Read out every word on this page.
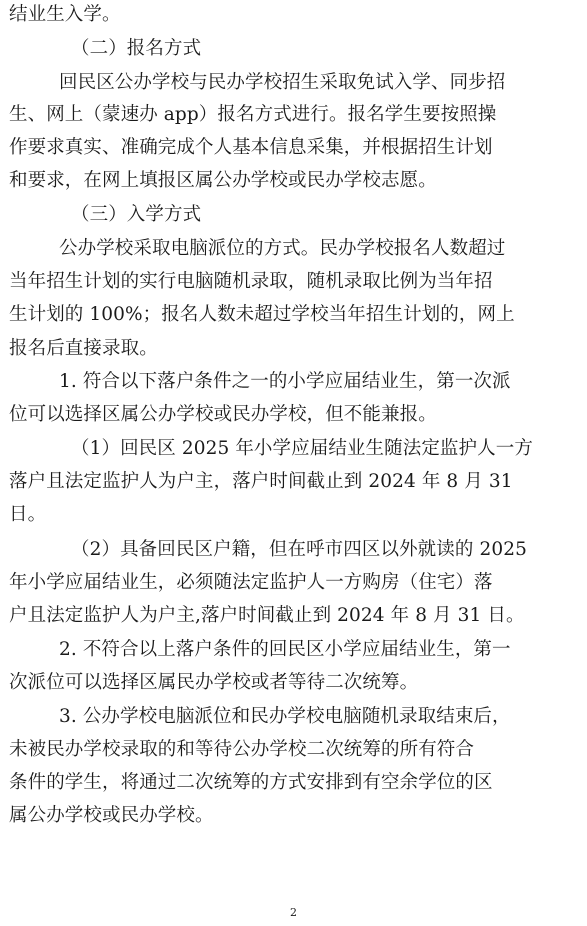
结业生入学。
（二）报名方式
回民区公办学校与民办学校招生采取免试入学、同步招
生、网上（蒙速办 app）报名方式进行。报名学生要按照操
作要求真实、准确完成个人基本信息采集，并根据招生计划
和要求，在网上填报区属公办学校或民办学校志愿。
（三）入学方式
公办学校采取电脑派位的方式。民办学校报名人数超过
当年招生计划的实行电脑随机录取，随机录取比例为当年招
生计划的 100%；报名人数未超过学校当年招生计划的，网上
报名后直接录取。
1. 符合以下落户条件之一的小学应届结业生，第一次派
位可以选择区属公办学校或民办学校，但不能兼报。
（1）回民区 2025 年小学应届结业生随法定监护人一方
落户且法定监护人为户主，落户时间截止到 2024 年 8 月 31
日。
（2）具备回民区户籍，但在呼市四区以外就读的 2025
年小学应届结业生，必须随法定监护人一方购房（住宅）落
户且法定监护人为户主,落户时间截止到 2024 年 8 月 31 日。
2. 不符合以上落户条件的回民区小学应届结业生，第一
次派位可以选择区属民办学校或者等待二次统筹。
3. 公办学校电脑派位和民办学校电脑随机录取结束后，
未被民办学校录取的和等待公办学校二次统筹的所有符合
条件的学生，将通过二次统筹的方式安排到有空余学位的区
属公办学校或民办学校。
2
